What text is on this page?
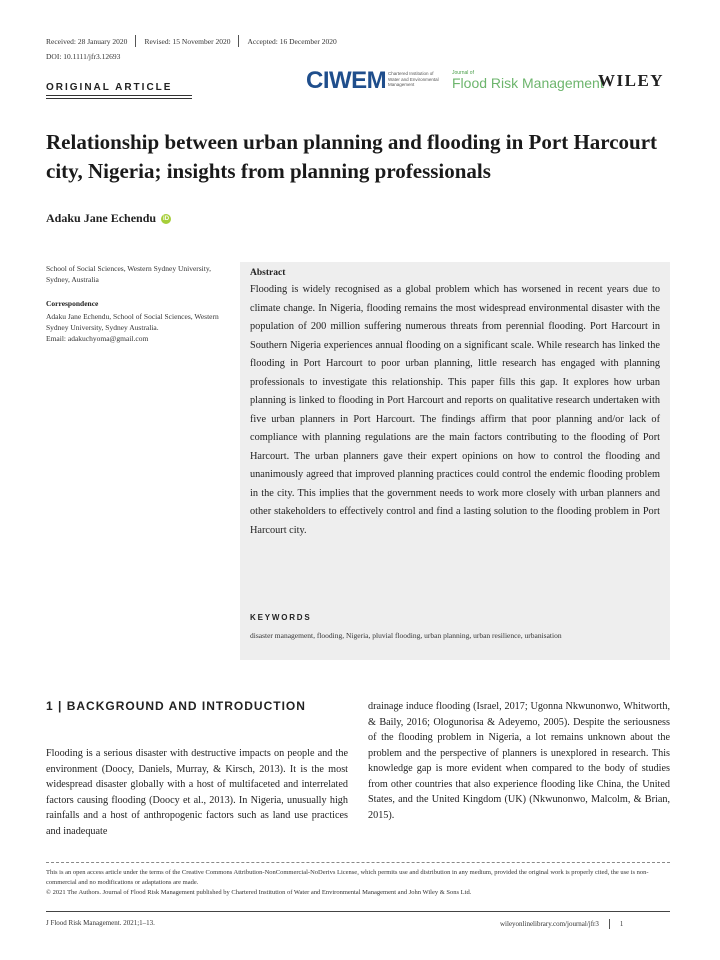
Received: 28 January 2020 Revised: 15 November 2020 Accepted: 16 December 2020
DOI: 10.1111/jfr3.12693
ORIGINAL ARTICLE	CIWEM Chartered Institution of Water and Environmental Management
Journal of
Flood Risk Management
WILEY
Relationship between urban planning and flooding in Port Harcourt city, Nigeria; insights from planning professionals
Adaku Jane Echendu	iD
School of Social Sciences, Western Sydney University, Sydney, Australia
Correspondence
Adaku Jane Echendu, School of Social Sciences, Western Sydney University, Sydney Australia.
Email: adakuchyoma@gmail.com
Abstract
Flooding is widely recognised as a global problem which has worsened in recent years due to climate change. In Nigeria, flooding remains the most widespread environmental disaster with the population of 200 million suffering numerous threats from perennial flooding. Port Harcourt in Southern Nigeria experiences annual flooding on a significant scale. While research has linked the flooding in Port Harcourt to poor urban planning, little research has engaged with planning professionals to investigate this relationship. This paper fills this gap. It explores how urban planning is linked to flooding in Port Harcourt and reports on qualitative research undertaken with five urban planners in Port Harcourt. The findings affirm that poor planning and/or lack of compliance with planning regulations are the main factors contributing to the flooding of Port Harcourt. The urban planners gave their expert opinions on how to control the flooding and unanimously agreed that improved planning practices could control the endemic flooding problem in the city. This implies that the government needs to work more closely with urban planners and other stakeholders to effectively control and find a lasting solution to the flooding problem in Port Harcourt city.
KEYWORDS
disaster management, flooding, Nigeria, pluvial flooding, urban planning, urban resilience, urbanisation
1 | BACKGROUND AND INTRODUCTION
Flooding is a serious disaster with destructive impacts on people and the environment (Doocy, Daniels, Murray, & Kirsch, 2013). It is the most widespread disaster globally with a host of multifaceted and interrelated factors causing flooding (Doocy et al., 2013). In Nigeria, unusually high rainfalls and a host of anthropogenic factors such as land use practices and inadequate
drainage induce flooding (Israel, 2017; Ugonna Nkwunonwo, Whitworth, & Baily, 2016; Ologunorisa & Adeyemo, 2005). Despite the seriousness of the flooding problem in Nigeria, a lot remains unknown about the problem and the perspective of planners is unexplored in research. This knowledge gap is more evident when compared to the body of studies from other countries that also experience flooding like China, the United States, and the United Kingdom (UK) (Nkwunonwo, Malcolm, & Brian, 2015).
This is an open access article under the terms of the Creative Commons Attribution-NonCommercial-NoDerivs License, which permits use and distribution in any medium, provided the original work is properly cited, the use is non-commercial and no modifications or adaptations are made.
© 2021 The Authors. Journal of Flood Risk Management published by Chartered Institution of Water and Environmental Management and John Wiley & Sons Ltd.
J Flood Risk Management. 2021;1–13.	wileyonlinelibrary.com/journal/jfr3	1
